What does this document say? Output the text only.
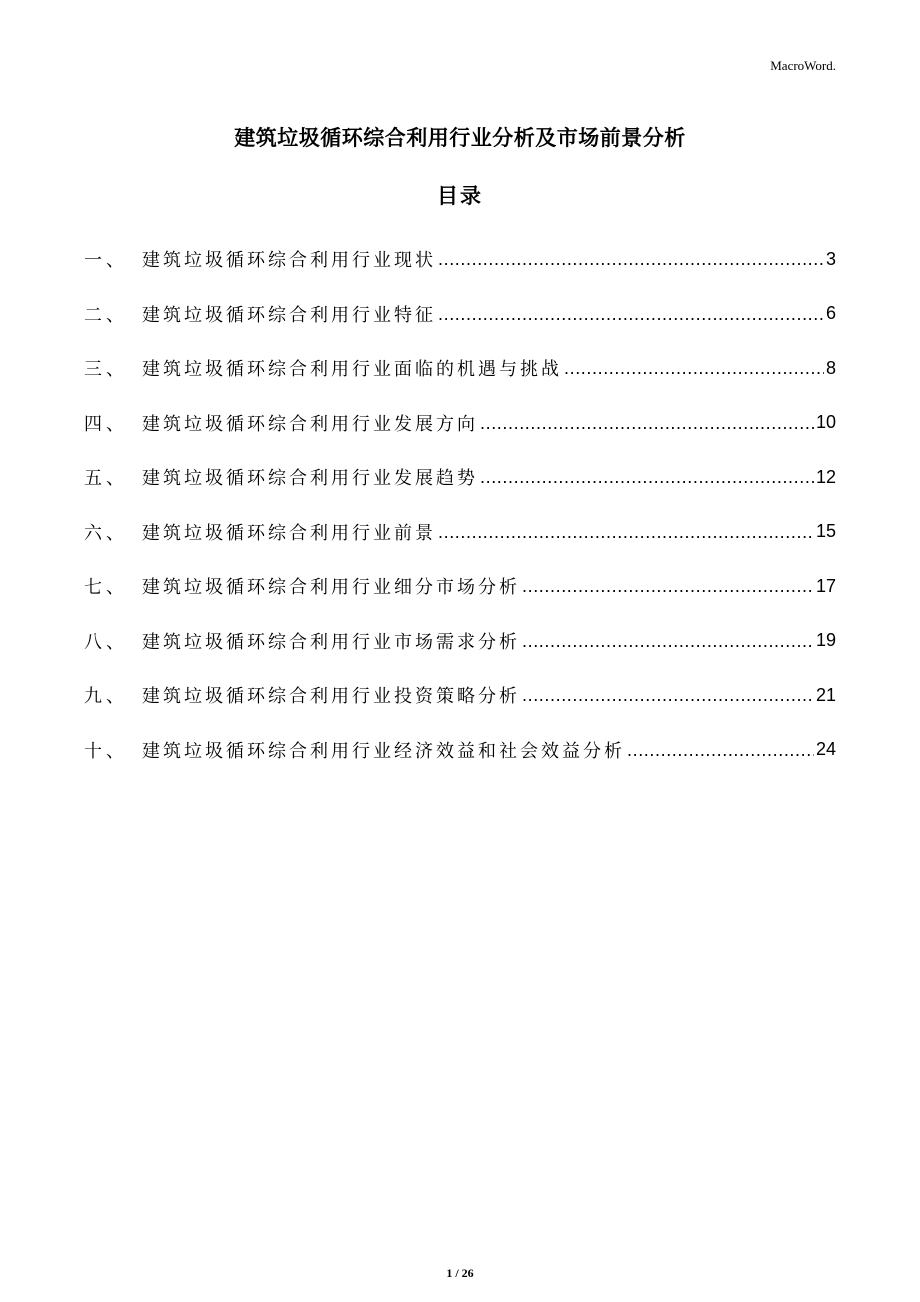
MacroWord.
建筑垃圾循环综合利用行业分析及市场前景分析
目录
一、 建筑垃圾循环综合利用行业现状 .....	3
二、 建筑垃圾循环综合利用行业特征 .....	6
三、 建筑垃圾循环综合利用行业面临的机遇与挑战 .....	8
四、 建筑垃圾循环综合利用行业发展方向 .....	10
五、 建筑垃圾循环综合利用行业发展趋势 .....	12
六、 建筑垃圾循环综合利用行业前景 .....	15
七、 建筑垃圾循环综合利用行业细分市场分析 .....	17
八、 建筑垃圾循环综合利用行业市场需求分析 .....	19
九、 建筑垃圾循环综合利用行业投资策略分析 .....	21
十、 建筑垃圾循环综合利用行业经济效益和社会效益分析 .....	24
1 / 26
